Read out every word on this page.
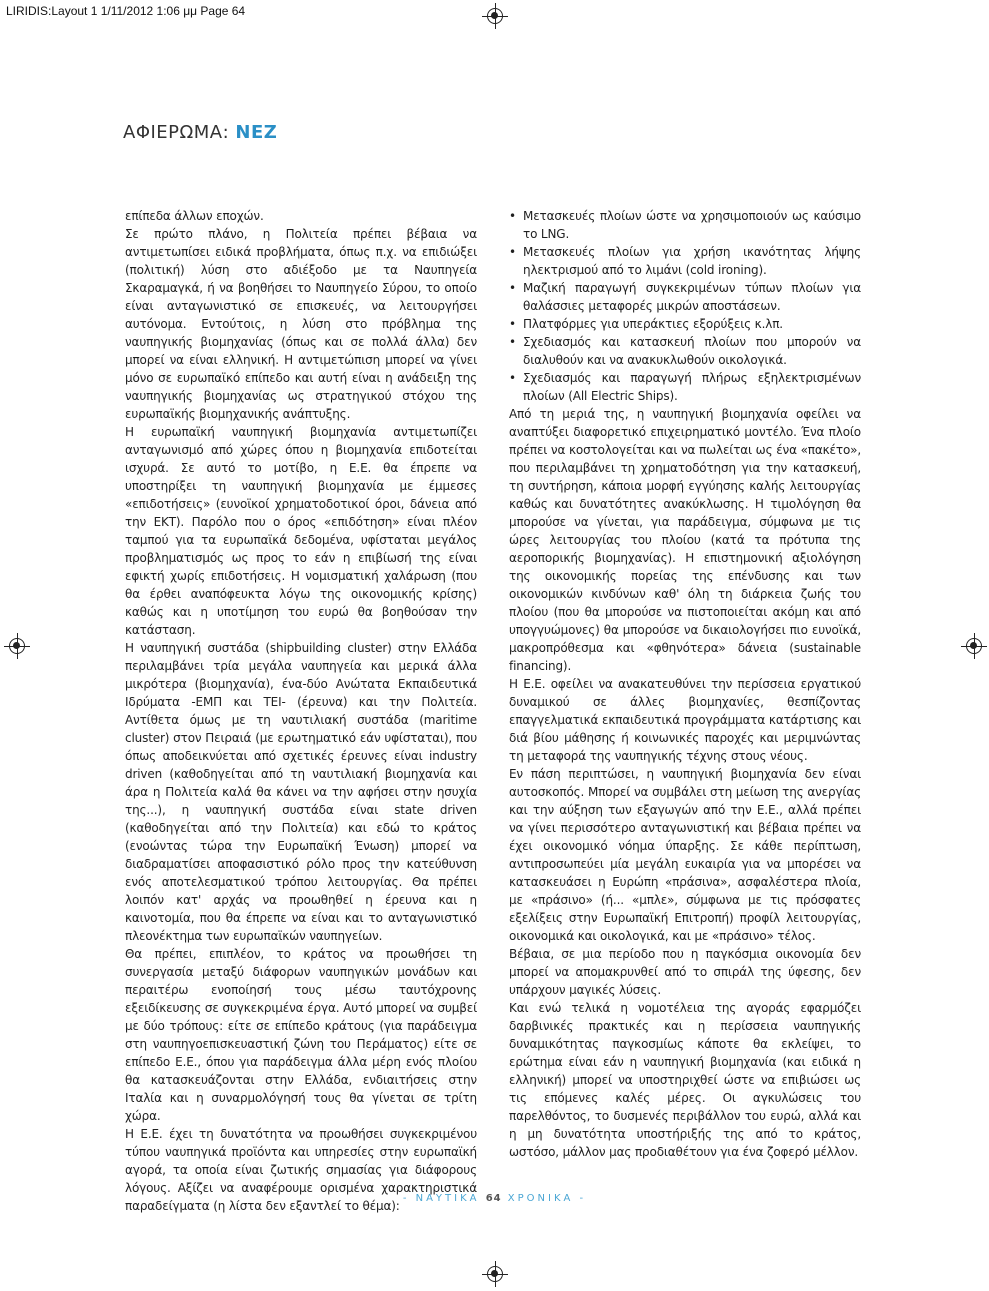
LIRIDIS:Layout 1 1/11/2012 1:06 μμ Page 64
ΑΦΙΕΡΩΜΑ: ΝΕΖ

επίπεδα άλλων εποχών.

Σε πρώτο πλάνο, η Πολιτεία πρέπει βέβαια να αντιμετωπίσει ειδικά προβλήματα, όπως π.χ. να επιδιώξει (πολιτική) λύση στο αδιέξοδο με τα Ναυπηγεία Σκαραμαγκά, ή να βοηθήσει το Ναυπηγείο Σύρου, το οποίο είναι ανταγωνιστικό σε επισκευές, να λειτουργήσει αυτόνομα. Εντούτοις, η λύση στο πρόβλημα της ναυπηγικής βιομηχανίας (όπως και σε πολλά άλλα) δεν μπορεί να είναι ελληνική. Η αντιμετώπιση μπορεί να γίνει μόνο σε ευρωπαϊκό επίπεδο και αυτή είναι η ανάδειξη της ναυπηγικής βιομηχανίας ως στρατηγικού στόχου της ευρωπαϊκής βιομηχανικής ανάπτυξης.

Η ευρωπαϊκή ναυπηγική βιομηχανία αντιμετωπίζει ανταγωνισμό από χώρες όπου η βιομηχανία επιδοτείται ισχυρά. Σε αυτό το μοτίβο, η Ε.Ε. θα έπρεπε να υποστηρίξει τη ναυπηγική βιομηχανία με έμμεσες «επιδοτήσεις» (ευνοϊκοί χρηματοδοτικοί όροι, δάνεια από την ΕΚΤ). Παρόλο που ο όρος «επιδότηση» είναι πλέον ταμπού για τα ευρωπαϊκά δεδομένα, υφίσταται μεγάλος προβληματισμός ως προς το εάν η επιβίωσή της είναι εφικτή χωρίς επιδοτήσεις. Η νομισματική χαλάρωση (που θα έρθει αναπόφευκτα λόγω της οικονομικής κρίσης) καθώς και η υποτίμηση του ευρώ θα βοηθούσαν την κατάσταση.

Η ναυπηγική συστάδα (shipbuilding cluster) στην Ελλάδα περιλαμβάνει τρία μεγάλα ναυπηγεία και μερικά άλλα μικρότερα (βιομηχανία), ένα-δύο Ανώτατα Εκπαιδευτικά Ιδρύματα -ΕΜΠ και ΤΕΙ- (έρευνα) και την Πολιτεία. Αντίθετα όμως με τη ναυτιλιακή συστάδα (maritime cluster) στον Πειραιά (με ερωτηματικό εάν υφίσταται), που όπως αποδεικνύεται από σχετικές έρευνες είναι industry driven (καθοδηγείται από τη ναυτιλιακή βιομηχανία και άρα η Πολιτεία καλά θα κάνει να την αφήσει στην ησυχία της...), η ναυπηγική συστάδα είναι state driven (καθοδηγείται από την Πολιτεία) και εδώ το κράτος (ενοώντας τώρα την Ευρωπαϊκή Ένωση) μπορεί να διαδραματίσει αποφασιστικό ρόλο προς την κατεύθυνση ενός αποτελεσματικού τρόπου λειτουργίας. Θα πρέπει λοιπόν κατ' αρχάς να προωθηθεί η έρευνα και η καινοτομία, που θα έπρεπε να είναι και το ανταγωνιστικό πλεονέκτημα των ευρωπαϊκών ναυπηγείων.

Θα πρέπει, επιπλέον, το κράτος να προωθήσει τη συνεργασία μεταξύ διάφορων ναυπηγικών μονάδων και περαιτέρω ενοποίησή τους μέσω ταυτόχρονης εξειδίκευσης σε συγκεκριμένα έργα. Αυτό μπορεί να συμβεί με δύο τρόπους: είτε σε επίπεδο κράτους (για παράδειγμα στη ναυπηγοεπισκευαστική ζώνη του Περάματος) είτε σε επίπεδο Ε.Ε., όπου για παράδειγμα άλλα μέρη ενός πλοίου θα κατασκευάζονται στην Ελλάδα, ενδιαιτήσεις στην Ιταλία και η συναρμολόγησή τους θα γίνεται σε τρίτη χώρα.

Η Ε.Ε. έχει τη δυνατότητα να προωθήσει συγκεκριμένου τύπου ναυπηγικά προϊόντα και υπηρεσίες στην ευρωπαϊκή αγορά, τα οποία είναι ζωτικής σημασίας για διάφορους λόγους. Αξίζει να αναφέρουμε ορισμένα χαρακτηριστικά παραδείγματα (η λίστα δεν εξαντλεί το θέμα):

• Μετασκευές πλοίων ώστε να χρησιμοποιούν ως καύσιμο το LNG.
• Μετασκευές πλοίων για χρήση ικανότητας λήψης ηλεκτρισμού από το λιμάνι (cold ironing).
• Μαζική παραγωγή συγκεκριμένων τύπων πλοίων για θαλάσσιες μεταφορές μικρών αποστάσεων.
• Πλατφόρμες για υπεράκτιες εξορύξεις κ.λπ.
• Σχεδιασμός και κατασκευή πλοίων που μπορούν να διαλυθούν και να ανακυκλωθούν οικολογικά.
• Σχεδιασμός και παραγωγή πλήρως εξηλεκτρισμένων πλοίων (All Electric Ships).

Από τη μεριά της, η ναυπηγική βιομηχανία οφείλει να αναπτύξει διαφορετικό επιχειρηματικό μοντέλο. Ένα πλοίο πρέπει να κοστολογείται και να πωλείται ως ένα «πακέτο», που περιλαμβάνει τη χρηματοδότηση για την κατασκευή, τη συντήρηση, κάποια μορφή εγγύησης καλής λειτουργίας καθώς και δυνατότητες ανακύκλωσης. Η τιμολόγηση θα μπορούσε να γίνεται, για παράδειγμα, σύμφωνα με τις ώρες λειτουργίας του πλοίου (κατά τα πρότυπα της αεροπορικής βιομηχανίας). Η επιστημονική αξιολόγηση της οικονομικής πορείας της επένδυσης και των οικονομικών κινδύνων καθ' όλη τη διάρκεια ζωής του πλοίου (που θα μπορούσε να πιστοποιείται ακόμη και από υπογγυώμονες) θα μπορούσε να δικαιολογήσει πιο ευνοϊκά, μακροπρόθεσμα και «φθηνότερα» δάνεια (sustainable financing).

Η Ε.Ε. οφείλει να ανακατευθύνει την περίσσεια εργατικού δυναμικού σε άλλες βιομηχανίες, θεσπίζοντας επαγγελματικά εκπαιδευτικά προγράμματα κατάρτισης και διά βίου μάθησης ή κοινωνικές παροχές και μεριμνώντας τη μεταφορά της ναυπηγικής τέχνης στους νέους.

Εν πάση περιπτώσει, η ναυπηγική βιομηχανία δεν είναι αυτοσκοπός. Μπορεί να συμβάλει στη μείωση της ανεργίας και την αύξηση των εξαγωγών από την Ε.Ε., αλλά πρέπει να γίνει περισσότερο ανταγωνιστική και βέβαια πρέπει να έχει οικονομικό νόημα ύπαρξης. Σε κάθε περίπτωση, αντιπροσωπεύει μία μεγάλη ευκαιρία για να μπορέσει να κατασκευάσει η Ευρώπη «πράσινα», ασφαλέστερα πλοία, με «πράσινο» (ή... «μπλε», σύμφωνα με τις πρόσφατες εξελίξεις στην Ευρωπαϊκή Επιτροπή) προφίλ λειτουργίας, οικονομικά και οικολογικά, και με «πράσινο» τέλος.

Βέβαια, σε μια περίοδο που η παγκόσμια οικονομία δεν μπορεί να απομακρυνθεί από το σπιράλ της ύφεσης, δεν υπάρχουν μαγικές λύσεις.

Και ενώ τελικά η νομοτέλεια της αγοράς εφαρμόζει δαρβινικές πρακτικές και η περίσσεια ναυπηγικής δυναμικότητας παγκοσμίως κάποτε θα εκλείψει, το ερώτημα είναι εάν η ναυπηγική βιομηχανία (και ειδικά η ελληνική) μπορεί να υποστηριχθεί ώστε να επιβιώσει ως τις επόμενες καλές μέρες. Οι αγκυλώσεις του παρελθόντος, το δυσμενές περιβάλλον του ευρώ, αλλά και η μη δυνατότητα υποστήριξής της από το κράτος, ωστόσο, μάλλον μας προδιαθέτουν για ένα ζοφερό μέλλον.

- ΝΑΥΤΙΚΑ 64 ΧΡΟΝΙΚΑ -
